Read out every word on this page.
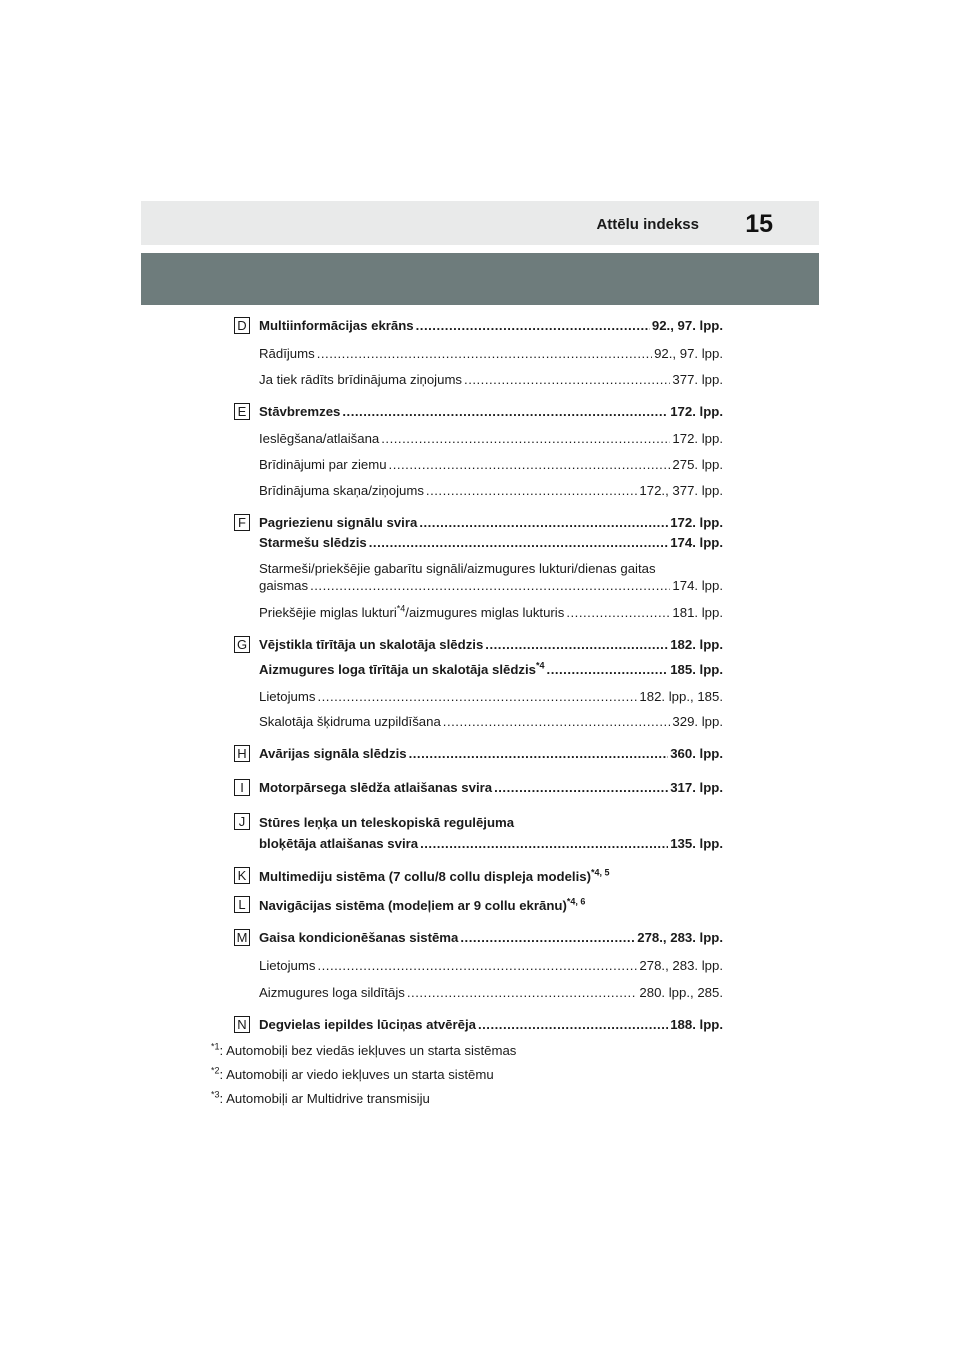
Attēlu indekss 15
D Multiinformācijas ekrāns .....	92., 97. lpp.
Rādījums .....	92., 97. lpp.
Ja tiek rādīts brīdinājuma ziņojums .....	377. lpp.
E Stāvbremzes .....	172. lpp.
Ieslēgšana/atlaišana .....	172. lpp.
Brīdinājumi par ziemu .....	275. lpp.
Brīdinājuma skaņa/ziņojums .....	172., 377. lpp.
F Pagriezienu signālu svira .....	172. lpp.
Starmešu slēdzis .....	174. lpp.
Starmeši/priekšējie gabarītu signāli/aizmugures lukturi/dienas gaitas
gaismas .....	174. lpp.
Priekšējie miglas lukturi$^{*4}$/aizmugures miglas lukturis .....	181. lpp.
G Vējstikla tīrītāja un skalotāja slēdzis .....	182. lpp.
Aizmugures loga tīrītāja un skalotāja slēdzis$^{*4}$ .....	185. lpp.
Lietojums .....	182. lpp., 185.
Skalotāja šķidruma uzpildīšana .....	329. lpp.
H Avārijas signāla slēdzis .....	360. lpp.
I	Motorpārsega slēdža atlaišanas svira .....	317. lpp.
J	Stūres leņķa un teleskopiskā regulējuma
bloķētāja atlaišanas svira .....	135. lpp.
K Multimediju sistēma (7 collu/8 collu displeja modelis)$^{*4, 5}$
L	Navigācijas sistēma (modeļiem ar 9 collu ekrānu)$^{*4, 6}$
M Gaisa kondicionēšanas sistēma .....	278., 283. lpp.
Lietojums .....	278., 283. lpp.
Aizmugures loga sildītājs .....	280. lpp., 285.
N Degvielas iepildes lūciņas atvērēja .....	188. lpp.
$^{*1}$: Automobiļi bez viedās iekļuves un starta sistēmas
$^{*2}$: Automobiļi ar viedo iekļuves un starta sistēmu
$^{*3}$: Automobiļi ar Multidrive transmisiju
